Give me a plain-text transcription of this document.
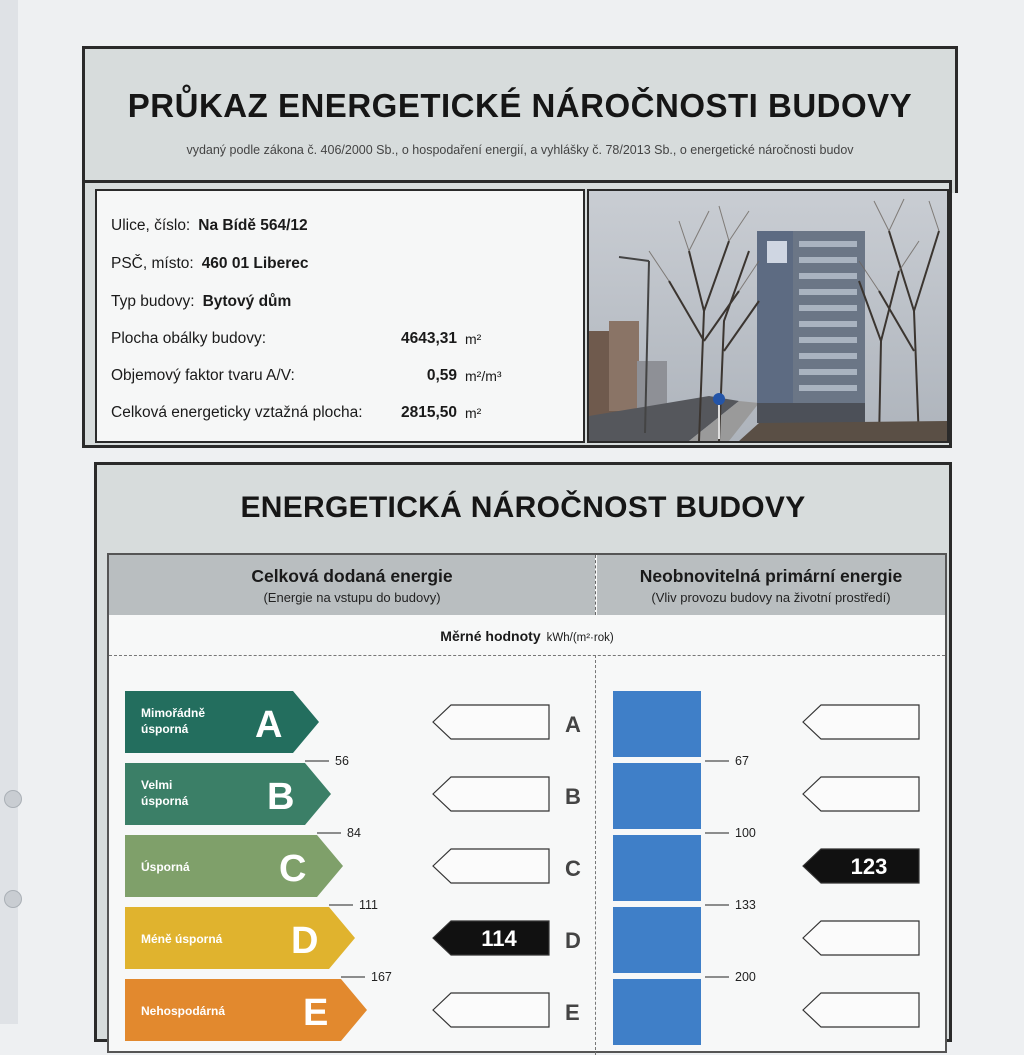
PRŮKAZ ENERGETICKÉ NÁROČNOSTI BUDOVY
vydaný podle zákona č. 406/2000 Sb., o hospodaření energií, a vyhlášky č. 78/2013 Sb., o energetické náročnosti budov
Ulice, číslo: Na Bídě 564/12
PSČ, místo: 460 01 Liberec
Typ budovy: Bytový dům
Plocha obálky budovy:	4643,31 m²
Objemový faktor tvaru A/V:	0,59 m²/m³
Celková energeticky vztažná plocha:	2815,50 m²
ENERGETICKÁ NÁROČNOST BUDOVY
Celková dodaná energie
(Energie na vstupu do budovy)
Neobnovitelná primární energie
(Vliv provozu budovy na životní prostředí)
Měrné hodnoty kWh/(m²·rok)
Mimořádně
úsporná A	A
Velmi
úsporná B	B
Úsporná C	C	123
Méně úsporná D	114 D
Nehospodárná E	E
56
84
111
167
67
100
133
200
